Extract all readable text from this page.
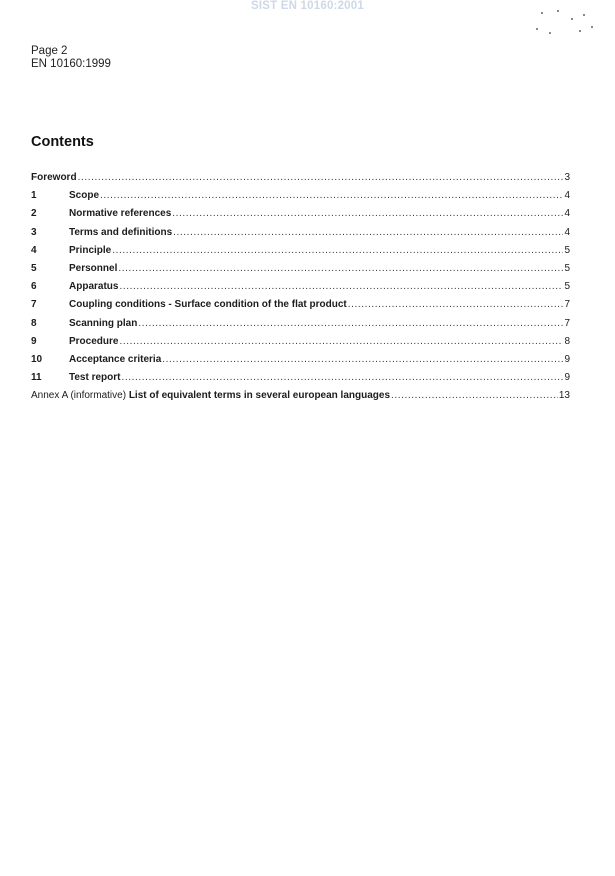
SIST EN 10160:2001
Page 2
EN 10160:1999
Contents
Foreword .....	3
1	Scope .....	4
2	Normative references .....	4
3	Terms and definitions .....	4
4	Principle .....	5
5	Personnel .....	5
6	Apparatus .....	5
7	Coupling conditions - Surface condition of the flat product .....	7
8	Scanning plan .....	7
9	Procedure .....	8
10	Acceptance criteria .....	9
11	Test report .....	9
Annex A (informative) List of equivalent terms in several european languages .....	13
